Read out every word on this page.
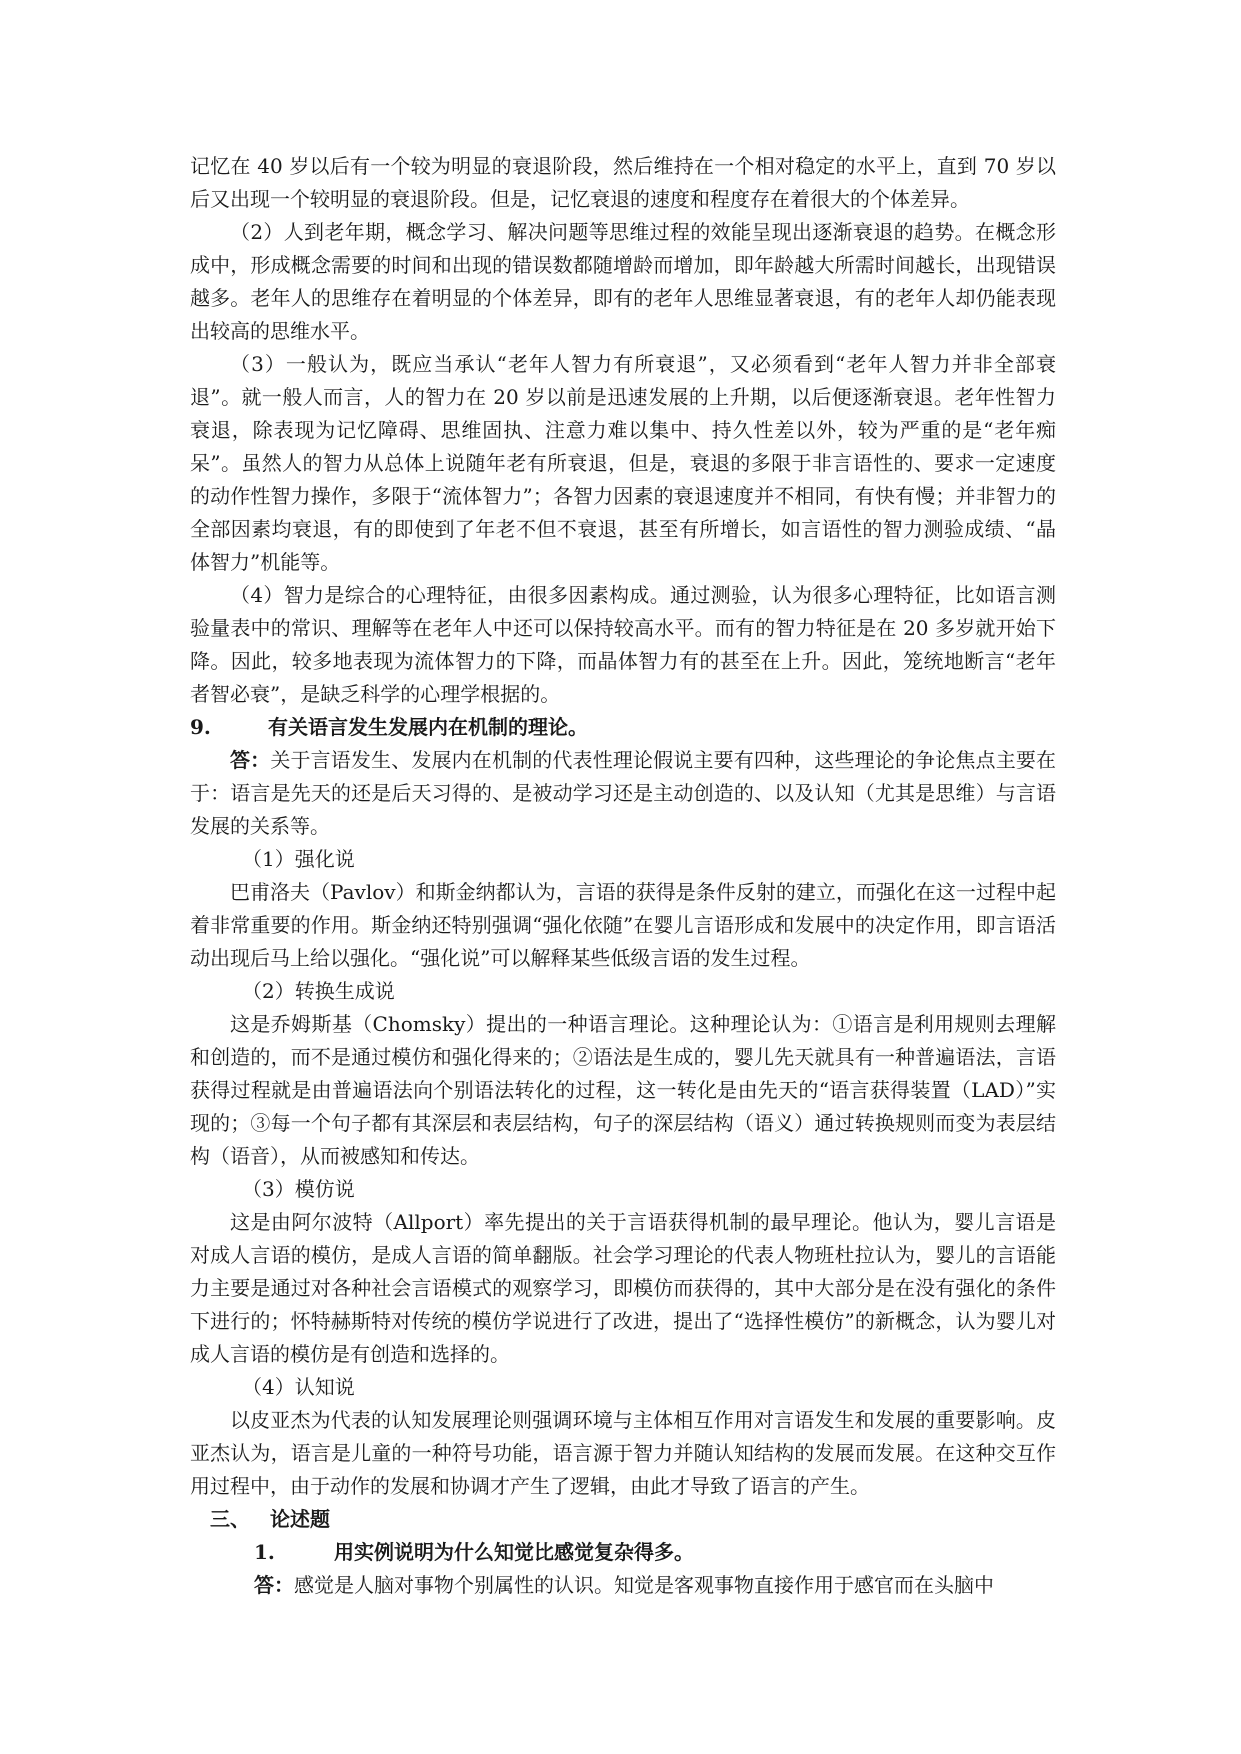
记忆在 40 岁以后有一个较为明显的衰退阶段，然后维持在一个相对稳定的水平上，直到 70 岁以后又出现一个较明显的衰退阶段。但是，记忆衰退的速度和程度存在着很大的个体差异。

（2）人到老年期，概念学习、解决问题等思维过程的效能呈现出逐渐衰退的趋势。在概念形成中，形成概念需要的时间和出现的错误数都随增龄而增加，即年龄越大所需时间越长，出现错误越多。老年人的思维存在着明显的个体差异，即有的老年人思维显著衰退，有的老年人却仍能表现出较高的思维水平。

（3）一般认为，既应当承认“老年人智力有所衰退”，又必须看到“老年人智力并非全部衰退”。就一般人而言，人的智力在 20 岁以前是迅速发展的上升期，以后便逐渐衰退。老年性智力衰退，除表现为记忆障碍、思维固执、注意力难以集中、持久性差以外，较为严重的是“老年痴呆”。虽然人的智力从总体上说随年老有所衰退，但是，衰退的多限于非言语性的、要求一定速度的动作性智力操作，多限于“流体智力”；各智力因素的衰退速度并不相同，有快有慢；并非智力的全部因素均衰退，有的即使到了年老不但不衰退，甚至有所增长，如言语性的智力测验成绩、“晶体智力”机能等。

（4）智力是综合的心理特征，由很多因素构成。通过测验，认为很多心理特征，比如语言测验量表中的常识、理解等在老年人中还可以保持较高水平。而有的智力特征是在 20 多岁就开始下降。因此，较多地表现为流体智力的下降，而晶体智力有的甚至在上升。因此，笼统地断言“老年者智必衰”，是缺乏科学的心理学根据的。

9.	有关语言发生发展内在机制的理论。

答：关于言语发生、发展内在机制的代表性理论假说主要有四种，这些理论的争论焦点主要在于：语言是先天的还是后天习得的、是被动学习还是主动创造的、以及认知（尤其是思维）与言语发展的关系等。

（1）强化说

巴甫洛夫（Pavlov）和斯金纳都认为，言语的获得是条件反射的建立，而强化在这一过程中起着非常重要的作用。斯金纳还特别强调“强化依随”在婴儿言语形成和发展中的决定作用，即言语活动出现后马上给以强化。“强化说”可以解释某些低级言语的发生过程。

（2）转换生成说

这是乔姆斯基（Chomsky）提出的一种语言理论。这种理论认为：①语言是利用规则去理解和创造的，而不是通过模仿和强化得来的；②语法是生成的，婴儿先天就具有一种普遍语法，言语获得过程就是由普遍语法向个别语法转化的过程，这一转化是由先天的“语言获得装置（LAD）”实现的；③每一个句子都有其深层和表层结构，句子的深层结构（语义）通过转换规则而变为表层结构（语音），从而被感知和传达。

（3）模仿说

这是由阿尔波特（Allport）率先提出的关于言语获得机制的最早理论。他认为，婴儿言语是对成人言语的模仿，是成人言语的简单翻版。社会学习理论的代表人物班杜拉认为，婴儿的言语能力主要是通过对各种社会言语模式的观察学习，即模仿而获得的，其中大部分是在没有强化的条件下进行的；怀特赫斯特对传统的模仿学说进行了改进，提出了“选择性模仿”的新概念，认为婴儿对成人言语的模仿是有创造和选择的。

（4）认知说

以皮亚杰为代表的认知发展理论则强调环境与主体相互作用对言语发生和发展的重要影响。皮亚杰认为，语言是儿童的一种符号功能，语言源于智力并随认知结构的发展而发展。在这种交互作用过程中，由于动作的发展和协调才产生了逻辑，由此才导致了语言的产生。

三、 论述题

1.	用实例说明为什么知觉比感觉复杂得多。

答：感觉是人脑对事物个别属性的认识。知觉是客观事物直接作用于感官而在头脑中
